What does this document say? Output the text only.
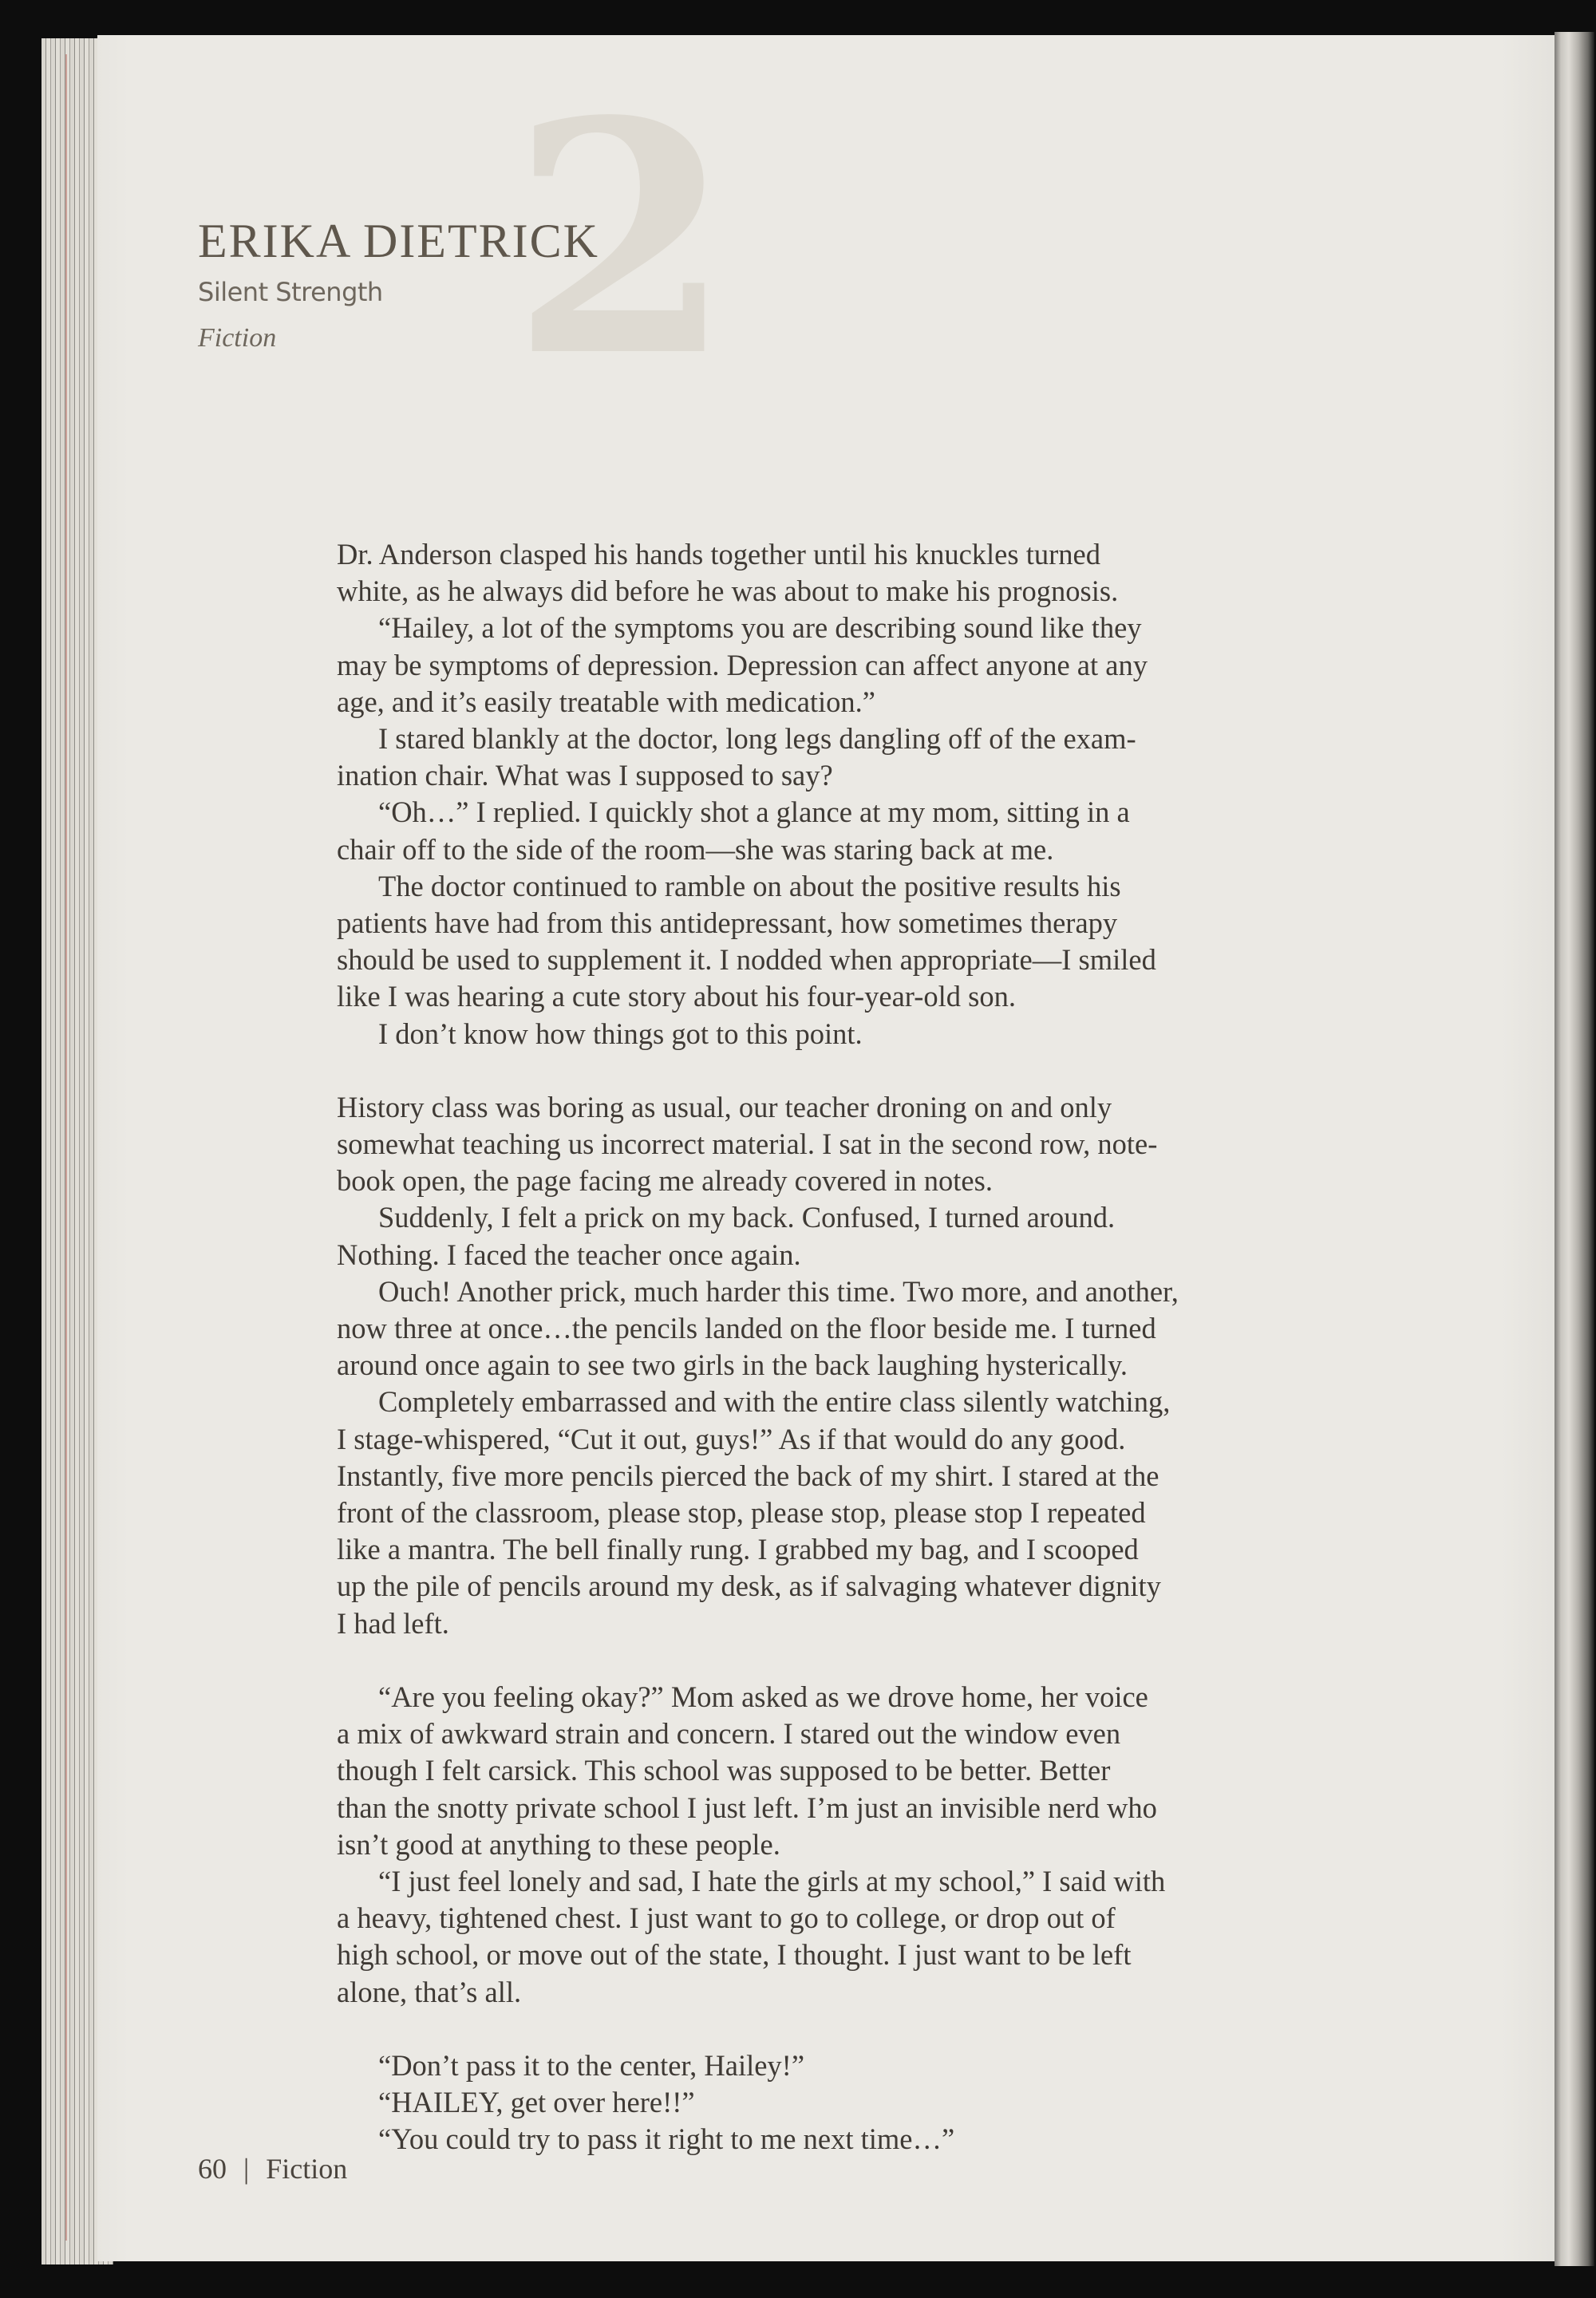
2
ERIKA DIETRICK
Silent Strength
Fiction

Dr. Anderson clasped his hands together until his knuckles turned

white, as he always did before he was about to make his prognosis.

“Hailey, a lot of the symptoms you are describing sound like they

may be symptoms of depression. Depression can affect anyone at any

age, and it’s easily treatable with medication.”

I stared blankly at the doctor, long legs dangling off of the exam-

ination chair. What was I supposed to say?

“Oh…” I replied. I quickly shot a glance at my mom, sitting in a

chair off to the side of the room—she was staring back at me.

The doctor continued to ramble on about the positive results his

patients have had from this antidepressant, how sometimes therapy

should be used to supplement it. I nodded when appropriate—I smiled

like I was hearing a cute story about his four-year-old son.

I don’t know how things got to this point.

History class was boring as usual, our teacher droning on and only

somewhat teaching us incorrect material. I sat in the second row, note-

book open, the page facing me already covered in notes.

Suddenly, I felt a prick on my back. Confused, I turned around.

Nothing. I faced the teacher once again.

Ouch! Another prick, much harder this time. Two more, and another,

now three at once…the pencils landed on the floor beside me. I turned

around once again to see two girls in the back laughing hysterically.

Completely embarrassed and with the entire class silently watching,

I stage-whispered, “Cut it out, guys!” As if that would do any good.

Instantly, five more pencils pierced the back of my shirt. I stared at the

front of the classroom, please stop, please stop, please stop I repeated

like a mantra. The bell finally rung. I grabbed my bag, and I scooped

up the pile of pencils around my desk, as if salvaging whatever dignity

I had left.

“Are you feeling okay?” Mom asked as we drove home, her voice

a mix of awkward strain and concern. I stared out the window even

though I felt carsick. This school was supposed to be better. Better

than the snotty private school I just left. I’m just an invisible nerd who

isn’t good at anything to these people.

“I just feel lonely and sad, I hate the girls at my school,” I said with

a heavy, tightened chest. I just want to go to college, or drop out of

high school, or move out of the state, I thought. I just want to be left

alone, that’s all.

“Don’t pass it to the center, Hailey!”

“HAILEY, get over here!!”

“You could try to pass it right to me next time…”

60 | Fiction
